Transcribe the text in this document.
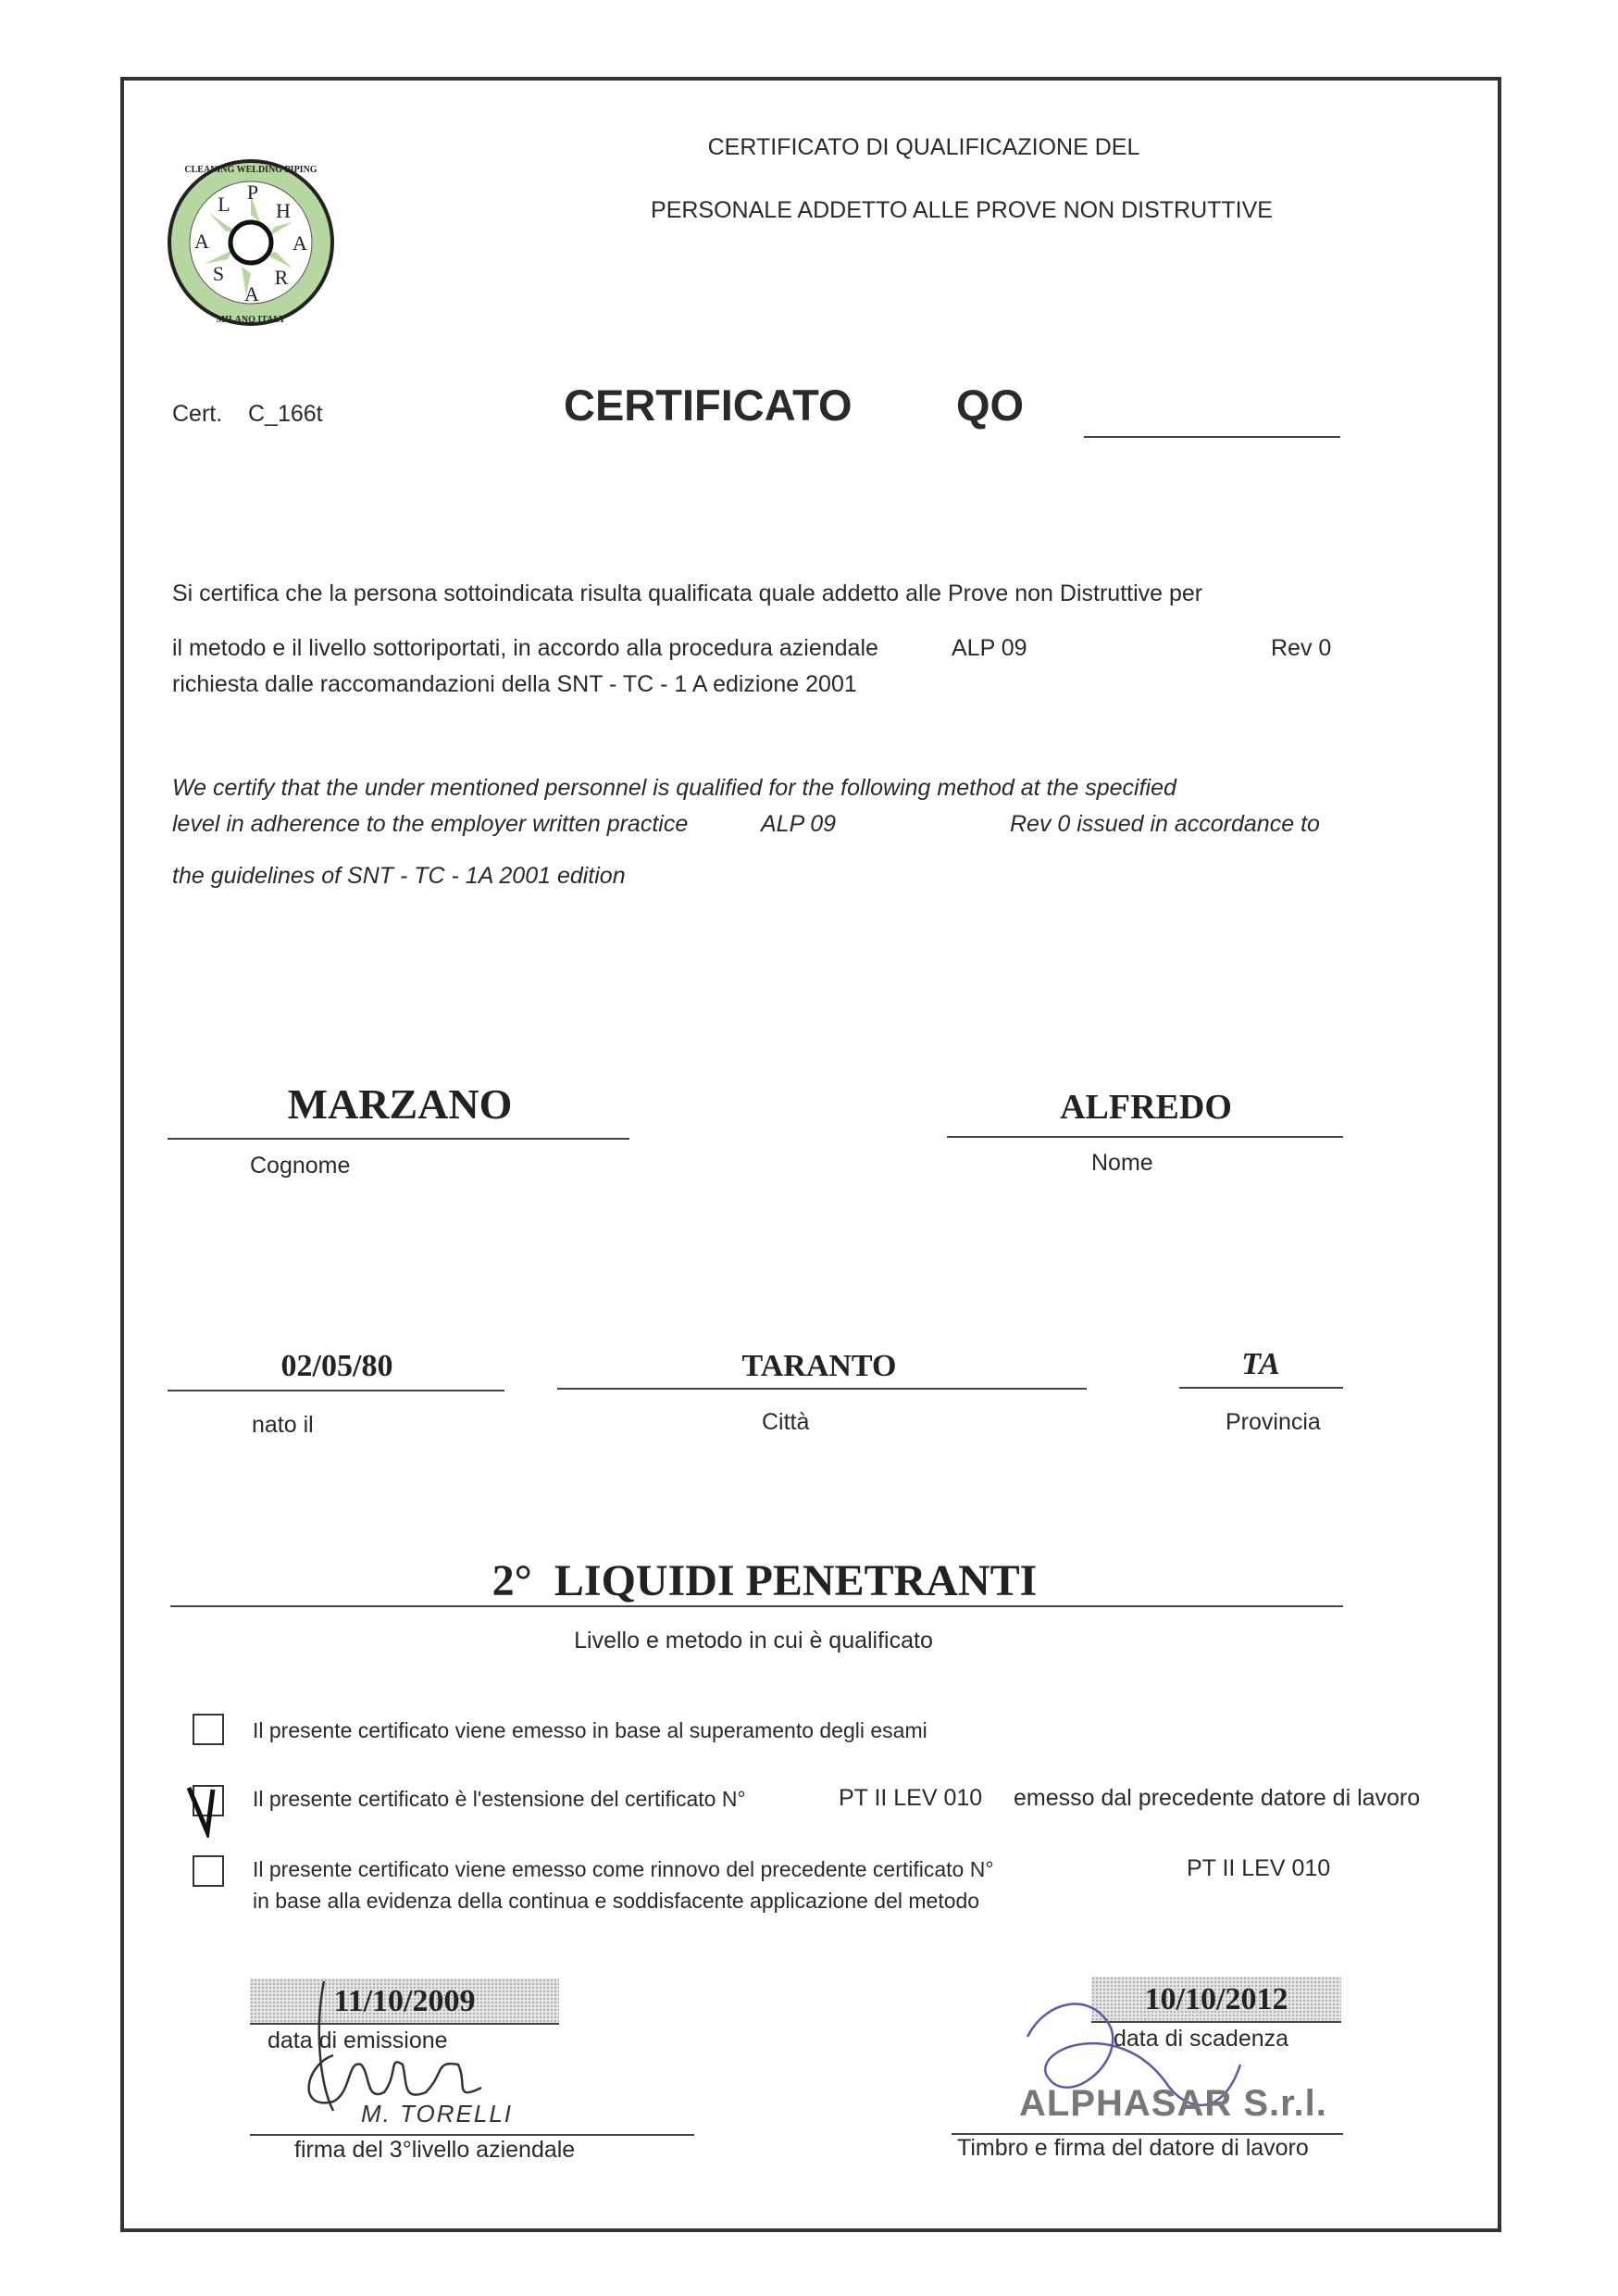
L
P
H
A
R
A
S
A
CLEANING WELDING PIPING
MILANO ITALY
CERTIFICATO DI QUALIFICAZIONE DEL
PERSONALE ADDETTO ALLE PROVE NON DISTRUTTIVE
Cert. C_166t	CERTIFICATO QO
Si certifica che la persona sottoindicata risulta qualificata quale addetto alle Prove non Distruttive per
il metodo e il livello sottoriportati, in accordo alla procedura aziendale	ALP 09	Rev 0
richiesta dalle raccomandazioni della SNT - TC - 1 A edizione 2001
We certify that the under mentioned personnel is qualified for the following method at the specified
level in adherence to the employer written practice	ALP 09	Rev 0 issued in accordance to
the guidelines of SNT - TC - 1A 2001 edition
MARZANO
Cognome
ALFREDO
Nome
02/05/80
nato il
TARANTO
Città
TA
Provincia
2°  LIQUIDI PENETRANTI
Livello e metodo in cui è qualificato
Il presente certificato viene emesso in base al superamento degli esami
Il presente certificato è l'estensione del certificato N°	PT II LEV 010 emesso dal precedente datore di lavoro
Il presente certificato viene emesso come rinnovo del precedente certificato N°	PT II LEV 010
in base alla evidenza della continua e soddisfacente applicazione del metodo
11/10/2009
data di emissione
M. TORELLI
firma del 3°livello aziendale
10/10/2012
data di scadenza
ALPHASAR S.r.l.
Timbro e firma del datore di lavoro
